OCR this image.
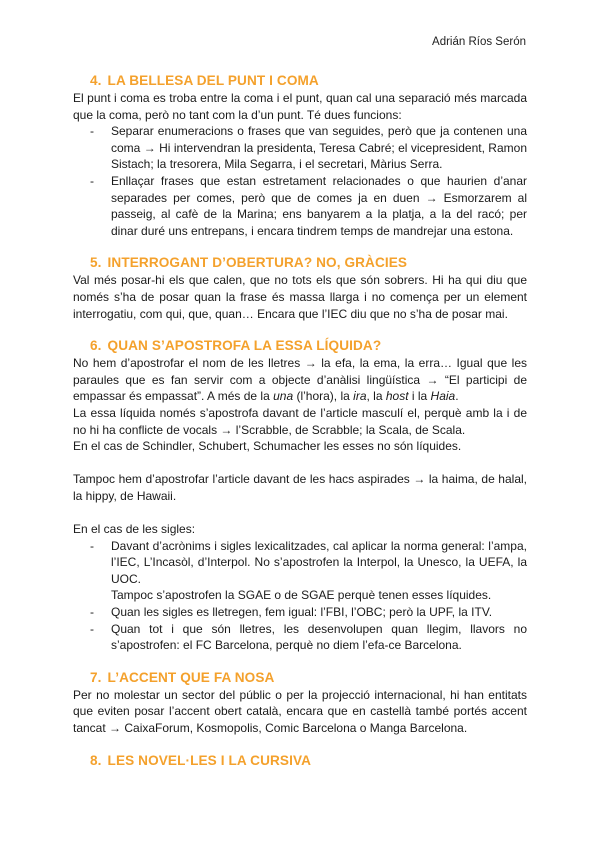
Adrián Ríos Serón
4. LA BELLESA DEL PUNT I COMA

El punt i coma es troba entre la coma i el punt, quan cal una separació més marcada que la coma, però no tant com la d’un punt. Té dues funcions:

- Separar enumeracions o frases que van seguides, però que ja contenen una coma → Hi intervendran la presidenta, Teresa Cabré; el vicepresident, Ramon Sistach; la tresorera, Mila Segarra, i el secretari, Màrius Serra.
- Enllaçar frases que estan estretament relacionades o que haurien d’anar separades per comes, però que de comes ja en duen → Esmorzarem al passeig, al cafè de la Marina; ens banyarem a la platja, a la del racó; per dinar duré uns entrepans, i encara tindrem temps de mandrejar una estona.
5. INTERROGANT D’OBERTURA? NO, GRÀCIES

Val més posar-hi els que calen, que no tots els que són sobrers. Hi ha qui diu que només s’ha de posar quan la frase és massa llarga i no comença per un element interrogatiu, com qui, que, quan… Encara que l’IEC diu que no s’ha de posar mai.

6. QUAN S’APOSTROFA LA ESSA LÍQUIDA?

No hem d’apostrofar el nom de les lletres → la efa, la ema, la erra… Igual que les paraules que es fan servir com a objecte d’anàlisi lingüística → “El participi de empassar és empassat”. A més de la una (l’hora), la ira, la host i la Haia.

La essa líquida només s’apostrofa davant de l’article masculí el, perquè amb la i de no hi ha conflicte de vocals → l’Scrabble, de Scrabble; la Scala, de Scala.

En el cas de Schindler, Schubert, Schumacher les esses no són líquides.

Tampoc hem d’apostrofar l’article davant de les hacs aspirades → la haima, de halal, la hippy, de Hawaii.

En el cas de les sigles:

- Davant d’acrònims i sigles lexicalitzades, cal aplicar la norma general: l’ampa, l’IEC, L’Incasòl, d’Interpol. No s’apostrofen la Interpol, la Unesco, la UEFA, la UOC.

Tampoc s’apostrofen la SGAE o de SGAE perquè tenen esses líquides.

- Quan les sigles es lletregen, fem igual: l’FBI, l’OBC; però la UPF, la ITV.
- Quan tot i que són lletres, les desenvolupen quan llegim, llavors no s’apostrofen: el FC Barcelona, perquè no diem l’efa-ce Barcelona.
7. L’ACCENT QUE FA NOSA

Per no molestar un sector del públic o per la projecció internacional, hi han entitats que eviten posar l’accent obert català, encara que en castellà també portés accent tancat → CaixaForum, Kosmopolis, Comic Barcelona o Manga Barcelona.

8. LES NOVEL·LES I LA CURSIVA
